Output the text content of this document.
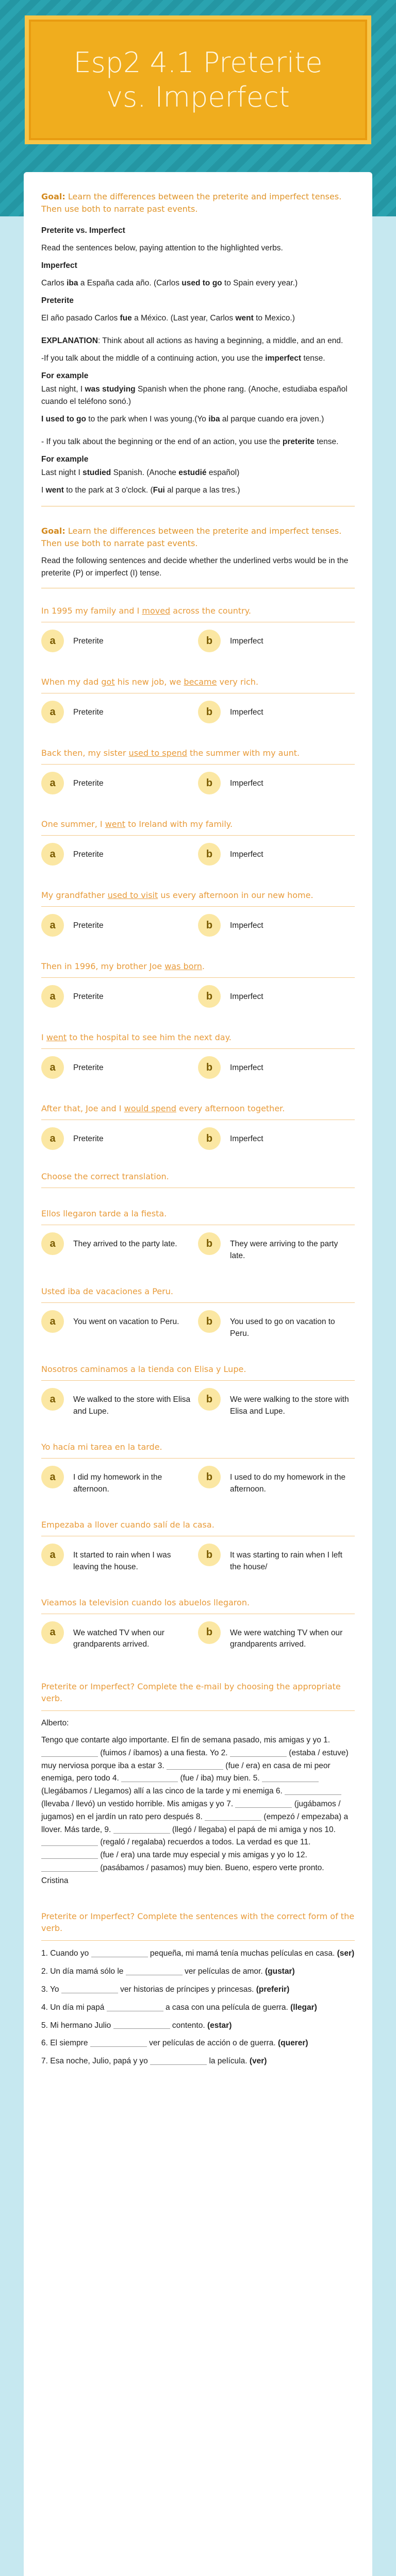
Esp2 4.1 Preterite vs. Imperfect
Goal: Learn the differences between the preterite and imperfect tenses. Then use both to narrate past events.

Preterite vs. Imperfect

Read the sentences below, paying attention to the highlighted verbs.

Imperfect

Carlos iba a España cada año. (Carlos used to go to Spain every year.)

Preterite

El año pasado Carlos fue a México. (Last year, Carlos went to Mexico.)

EXPLANATION: Think about all actions as having a beginning, a middle, and an end.

-If you talk about the middle of a continuing action, you use the imperfect tense.

For example

Last night, I was studying Spanish when the phone rang. (Anoche, estudiaba español cuando el teléfono sonó.)

I used to go to the park when I was young.(Yo iba al parque cuando era joven.)

- If you talk about the beginning or the end of an action, you use the preterite tense.

For example

Last night I studied Spanish. (Anoche estudié español)

I went to the park at 3 o'clock. (Fui al parque a las tres.)

Goal: Learn the differences between the preterite and imperfect tenses. Then use both to narrate past events.

Read the following sentences and decide whether the underlined verbs would be in the preterite (P) or imperfect (I) tense.

In 1995 my family and I moved across the country.
a	Preterite	b	Imperfect
When my dad got his new job, we became very rich.
a	Preterite	b	Imperfect
Back then, my sister used to spend the summer with my aunt.
a	Preterite	b	Imperfect
One summer, I went to Ireland with my family.
a	Preterite	b	Imperfect
My grandfather used to visit us every afternoon in our new home.
a	Preterite	b	Imperfect
Then in 1996, my brother Joe was born.
a	Preterite	b	Imperfect
I went to the hospital to see him the next day.
a	Preterite	b	Imperfect
After that, Joe and I would spend every afternoon together.
a	Preterite	b	Imperfect
Choose the correct translation.
Ellos llegaron tarde a la fiesta.
a	They arrived to the party late.	b	They were arriving to the party late.
Usted iba de vacaciones a Peru.
a	You went on vacation to Peru.	b	You used to go on vacation to Peru.
Nosotros caminamos a la tienda con Elisa y Lupe.
a	We walked to the store with Elisa and Lupe.
b	We were walking to the store with Elisa and Lupe.
Yo hacía mi tarea en la tarde.
a	I did my homework in the afternoon.
b	I used to do my homework in the afternoon.
Empezaba a llover cuando salí de la casa.
a	It started to rain when I was leaving the house.
b	It was starting to rain when I left the house/
Vieamos la television cuando los abuelos llegaron.
a	We watched TV when our grandparents arrived.
b	We were watching TV when our grandparents arrived.
Preterite or Imperfect? Complete the e-mail by choosing the appropriate verb.
Alberto:
Tengo que contarte algo importante. El fin de semana pasado, mis amigas y yo 1.  (fuimos / íbamos) a una fiesta. Yo 2.	(estaba / estuve) muy nerviosa porque iba a estar 3.	(fue / era) en casa de mi peor enemiga, pero todo 4.	(fue / iba) muy bien. 5.  (Llegábamos / Llegamos) allí a las cinco de la tarde y mi enemiga 6.  (llevaba / llevó) un vestido horrible. Mis amigas y yo 7.	(jugábamos / jugamos) en el jardín un rato pero después 8.	(empezó / empezaba) a llover. Más tarde, 9.	(llegó / llegaba) el papá de mi amiga y nos 10.  (regaló / regalaba) recuerdos a todos. La verdad es que 11.  (fue / era) una tarde muy especial y mis amigas y yo lo 12.  (pasábamos / pasamos) muy bien. Bueno, espero verte pronto.
Cristina
Preterite or Imperfect? Complete the sentences with the correct form of the verb.
1. Cuando yo	pequeña, mi mamá tenía muchas películas en casa. (ser)
2. Un día mamá sólo le	ver películas de amor. (gustar)
3. Yo	ver historias de príncipes y princesas. (preferir)
4. Un día mi papá	a casa con una película de guerra. (llegar)
5. Mi hermano Julio	contento. (estar)
6. El siempre	ver películas de acción o de guerra. (querer)
7. Esa noche, Julio, papá y yo	la película. (ver)
